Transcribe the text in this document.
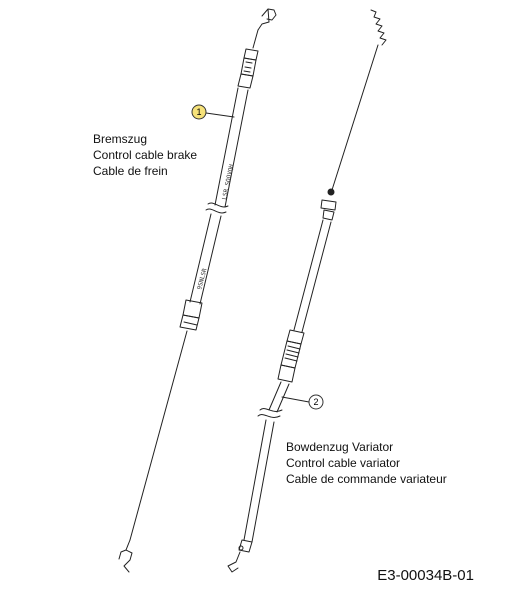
LSR SOOVQH
9SNLSR
1
2
Bremszug
Control cable brake
Cable de frein
Bowdenzug Variator
Control cable variator
Cable de commande variateur
E3-00034B-01
